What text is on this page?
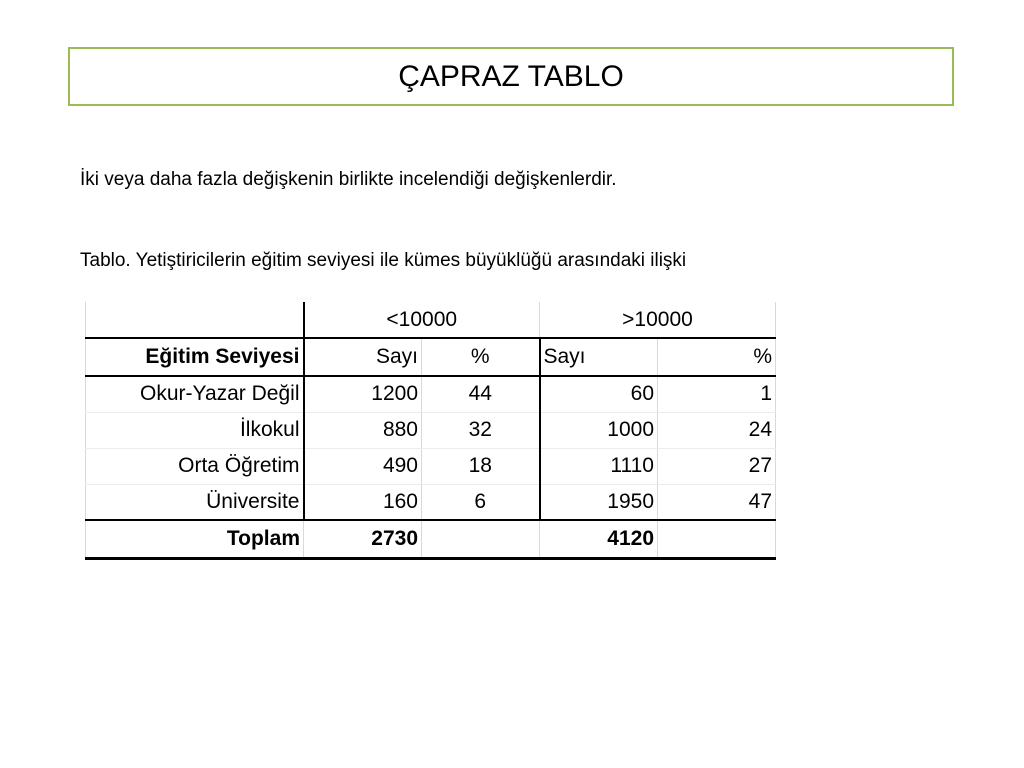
ÇAPRAZ TABLO
İki veya daha fazla değişkenin birlikte incelendiği değişkenlerdir.
Tablo. Yetiştiricilerin eğitim seviyesi ile kümes büyüklüğü arasındaki ilişki
	<10000		>10000	
Eğitim Seviyesi	Sayı	%	Sayı	%
Okur-Yazar Değil	1200	44	60	1
İlkokul	880	32	1000	24
Orta Öğretim	490	18	1110	27
Üniversite	160	6	1950	47
Toplam	2730		4120	
